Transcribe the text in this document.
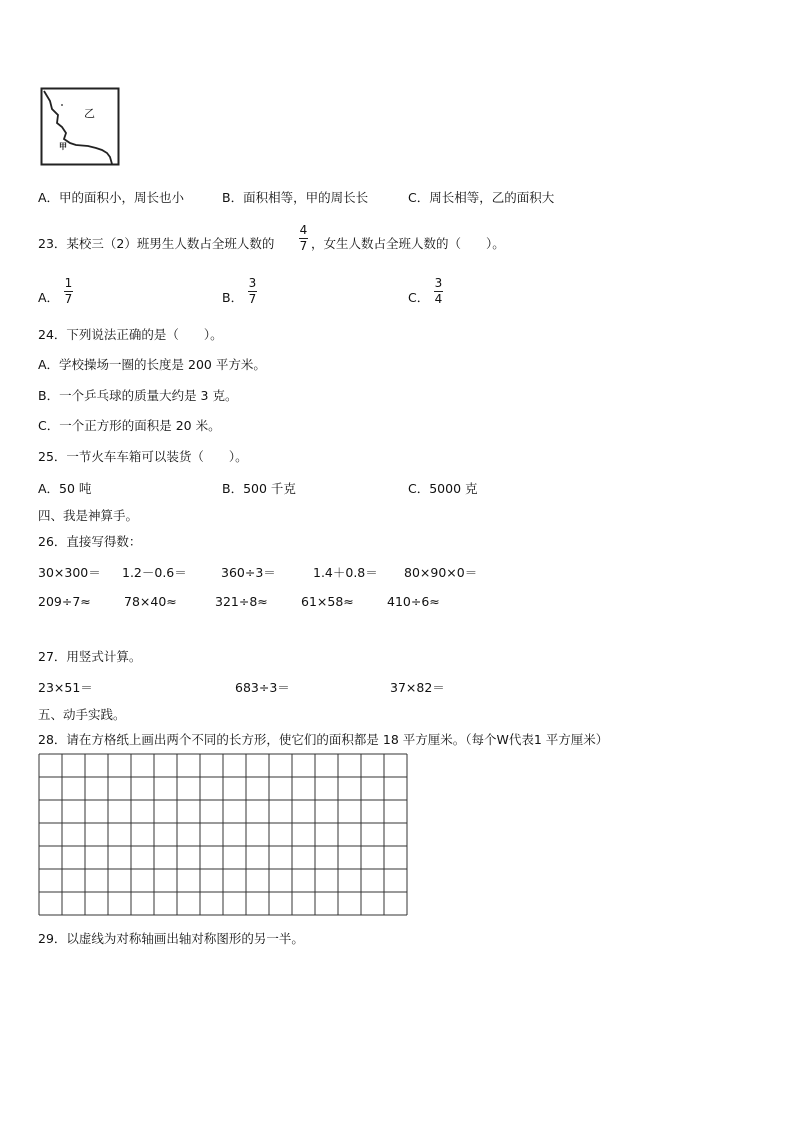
乙
甲
A．甲的面积小，周长也小	B．面积相等，甲的周长长	C．周长相等，乙的面积大
23．某校三（2）班男生人数占全班人数的
4
7 ，女生人数占全班人数的（　　）。
A．
1
7	B．
3
7	C．
3
4
24．下列说法正确的是（　　）。
A．学校操场一圈的长度是 200 平方米。
B．一个乒乓球的质量大约是 3 克。
C．一个正方形的面积是 20 米。
25．一节火车车箱可以装货（　　）。
A．50 吨	B．500 千克	C．5000 克
四、我是神算手。
26．直接写得数：
30×300＝ 1.2－0.6＝	360÷3＝	1.4＋0.8＝ 80×90×0＝
209÷7≈	78×40≈	321÷8≈	61×58≈	410÷6≈
27．用竖式计算。
23×51＝	683÷3＝	37×82＝
五、动手实践。
28．请在方格纸上画出两个不同的长方形，使它们的面积都是 18 平方厘米。（每个W代表1 平方厘米）
29．以虚线为对称轴画出轴对称图形的另一半。
